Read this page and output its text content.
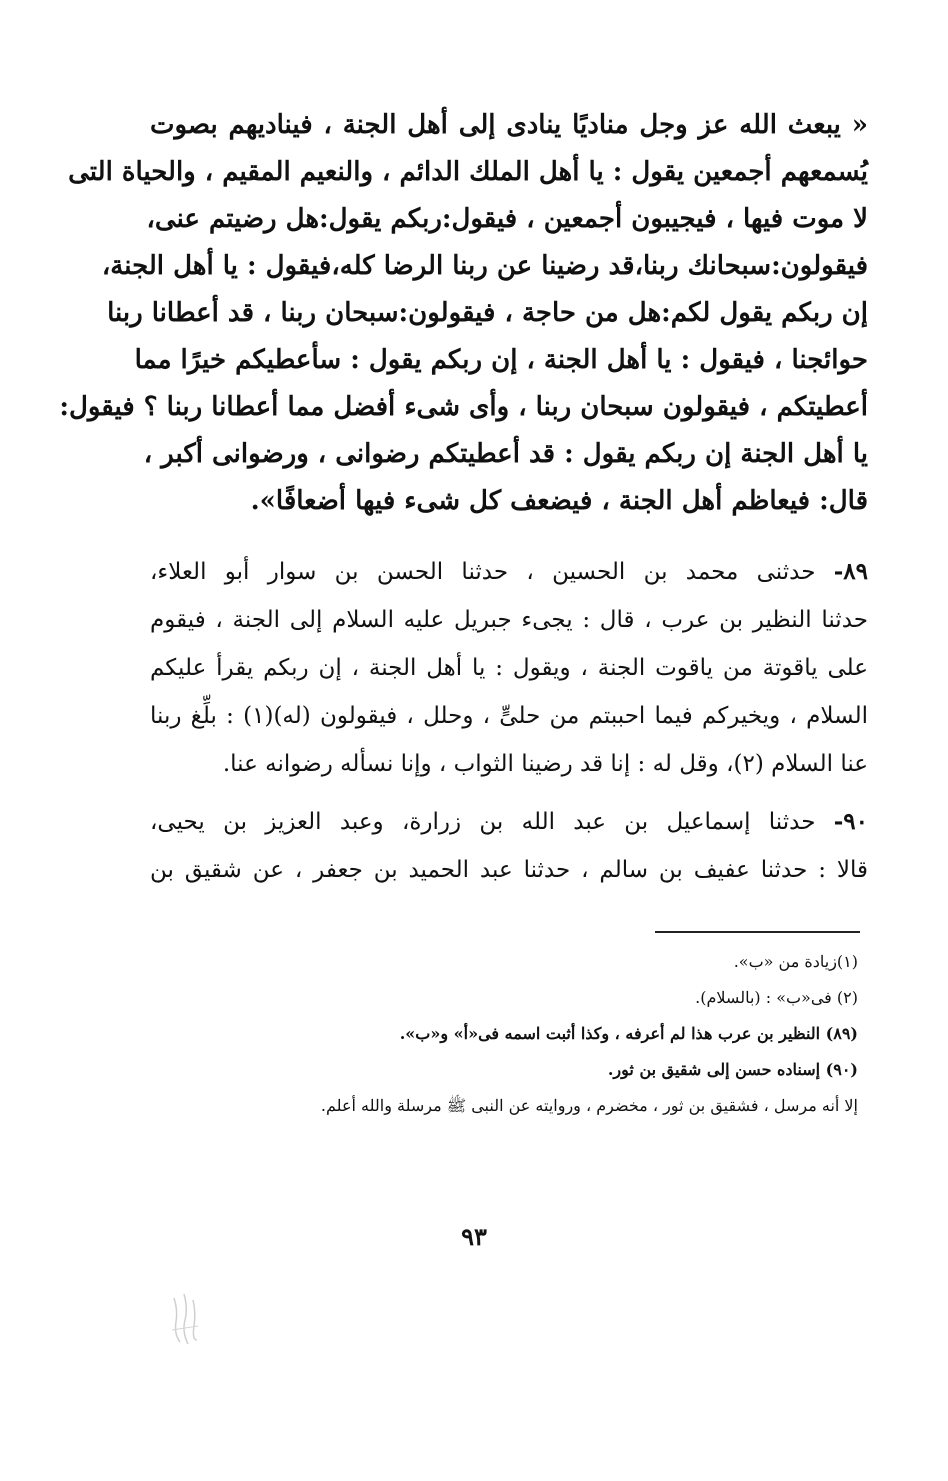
« يبعث الله عز وجل مناديًا ينادى إلى أهل الجنة ، فيناديهم بصوت
يُسمعهم أجمعين يقول : يا أهل الملك الدائم ، والنعيم المقيم ، والحياة التى
لا موت فيها ، فيجيبون أجمعين ، فيقول:ربكم يقول:هل رضيتم عنى،
فيقولون:سبحانك ربنا،قد رضينا عن ربنا الرضا كله،فيقول : يا أهل الجنة،
إن ربكم يقول لكم:هل من حاجة ، فيقولون:سبحان ربنا ، قد أعطانا ربنا
حوائجنا ، فيقول : يا أهل الجنة ، إن ربكم يقول : سأعطيكم خيرًا مما
أعطيتكم ، فيقولون سبحان ربنا ، وأى شىء أفضل مما أعطانا ربنا ؟ فيقول:
يا أهل الجنة إن ربكم يقول : قد أعطيتكم رضوانى ، ورضوانى أكبر ،
قال: فيعاظم أهل الجنة ، فيضعف كل شىء فيها أضعافًا».
٨٩- حدثنى محمد بن الحسين ، حدثنا الحسن بن سوار أبو العلاء،
حدثنا النظير بن عرب ، قال : يجىء جبريل عليه السلام إلى الجنة ، فيقوم
على ياقوتة من ياقوت الجنة ، ويقول : يا أهل الجنة ، إن ربكم يقرأ عليكم
السلام ، ويخيركم فيما احببتم من حلىٍّ ، وحلل ، فيقولون (له)(١) : بلِّغ ربنا
عنا السلام (٢)، وقل له : إنا قد رضينا الثواب ، وإنا نسأله رضوانه عنا.
٩٠- حدثنا إسماعيل بن عبد الله بن زرارة، وعبد العزيز بن يحيى،
قالا : حدثنا عفيف بن سالم ، حدثنا عبد الحميد بن جعفر ، عن شقيق بن
(١)زيادة من «ب».
(٢) فى«ب» : (بالسلام).
(٨٩) النظير بن عرب هذا لم أعرفه ، وكذا أثبت اسمه فى«أ» و«ب».
(٩٠) إسناده حسن إلى شقيق بن ثور.
إلا أنه مرسل ، فشقيق بن ثور ، مخضرم ، وروايته عن النبى ﷺ مرسلة والله أعلم.
٩٣
